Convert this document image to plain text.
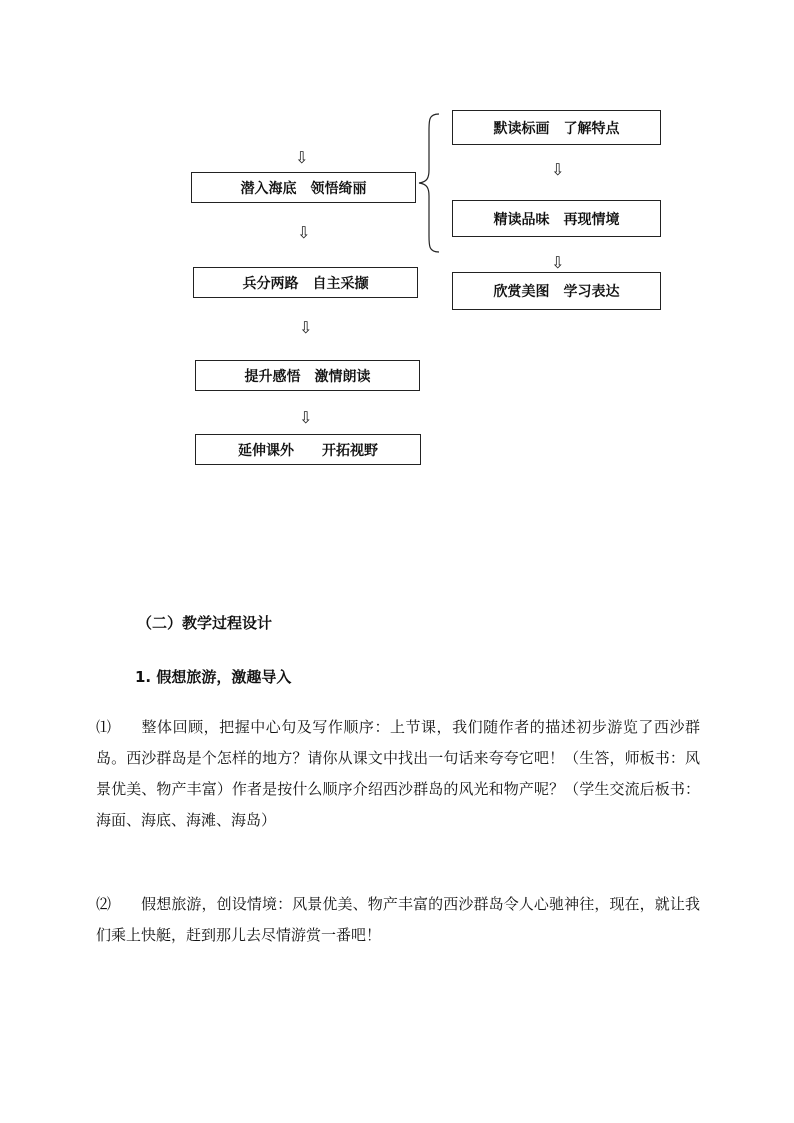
⇩
潜入海底　领悟绮丽
⇩
兵分两路　自主采撷
⇩
提升感悟　激情朗读
⇩
延伸课外　　开拓视野
默读标画　了解特点
⇩
精读品味　再现情境
⇩
欣赏美图　学习表达
（二）教学过程设计
1. 假想旅游，激趣导入
⑴ 整体回顾，把握中心句及写作顺序：上节课，我们随作者的描述初步游览了西沙群岛。西沙群岛是个怎样的地方？请你从课文中找出一句话来夸夸它吧！（生答，师板书：风景优美、物产丰富）作者是按什么顺序介绍西沙群岛的风光和物产呢？（学生交流后板书：海面、海底、海滩、海岛）
⑵ 假想旅游，创设情境：风景优美、物产丰富的西沙群岛令人心驰神往，现在，就让我们乘上快艇，赶到那儿去尽情游赏一番吧！
